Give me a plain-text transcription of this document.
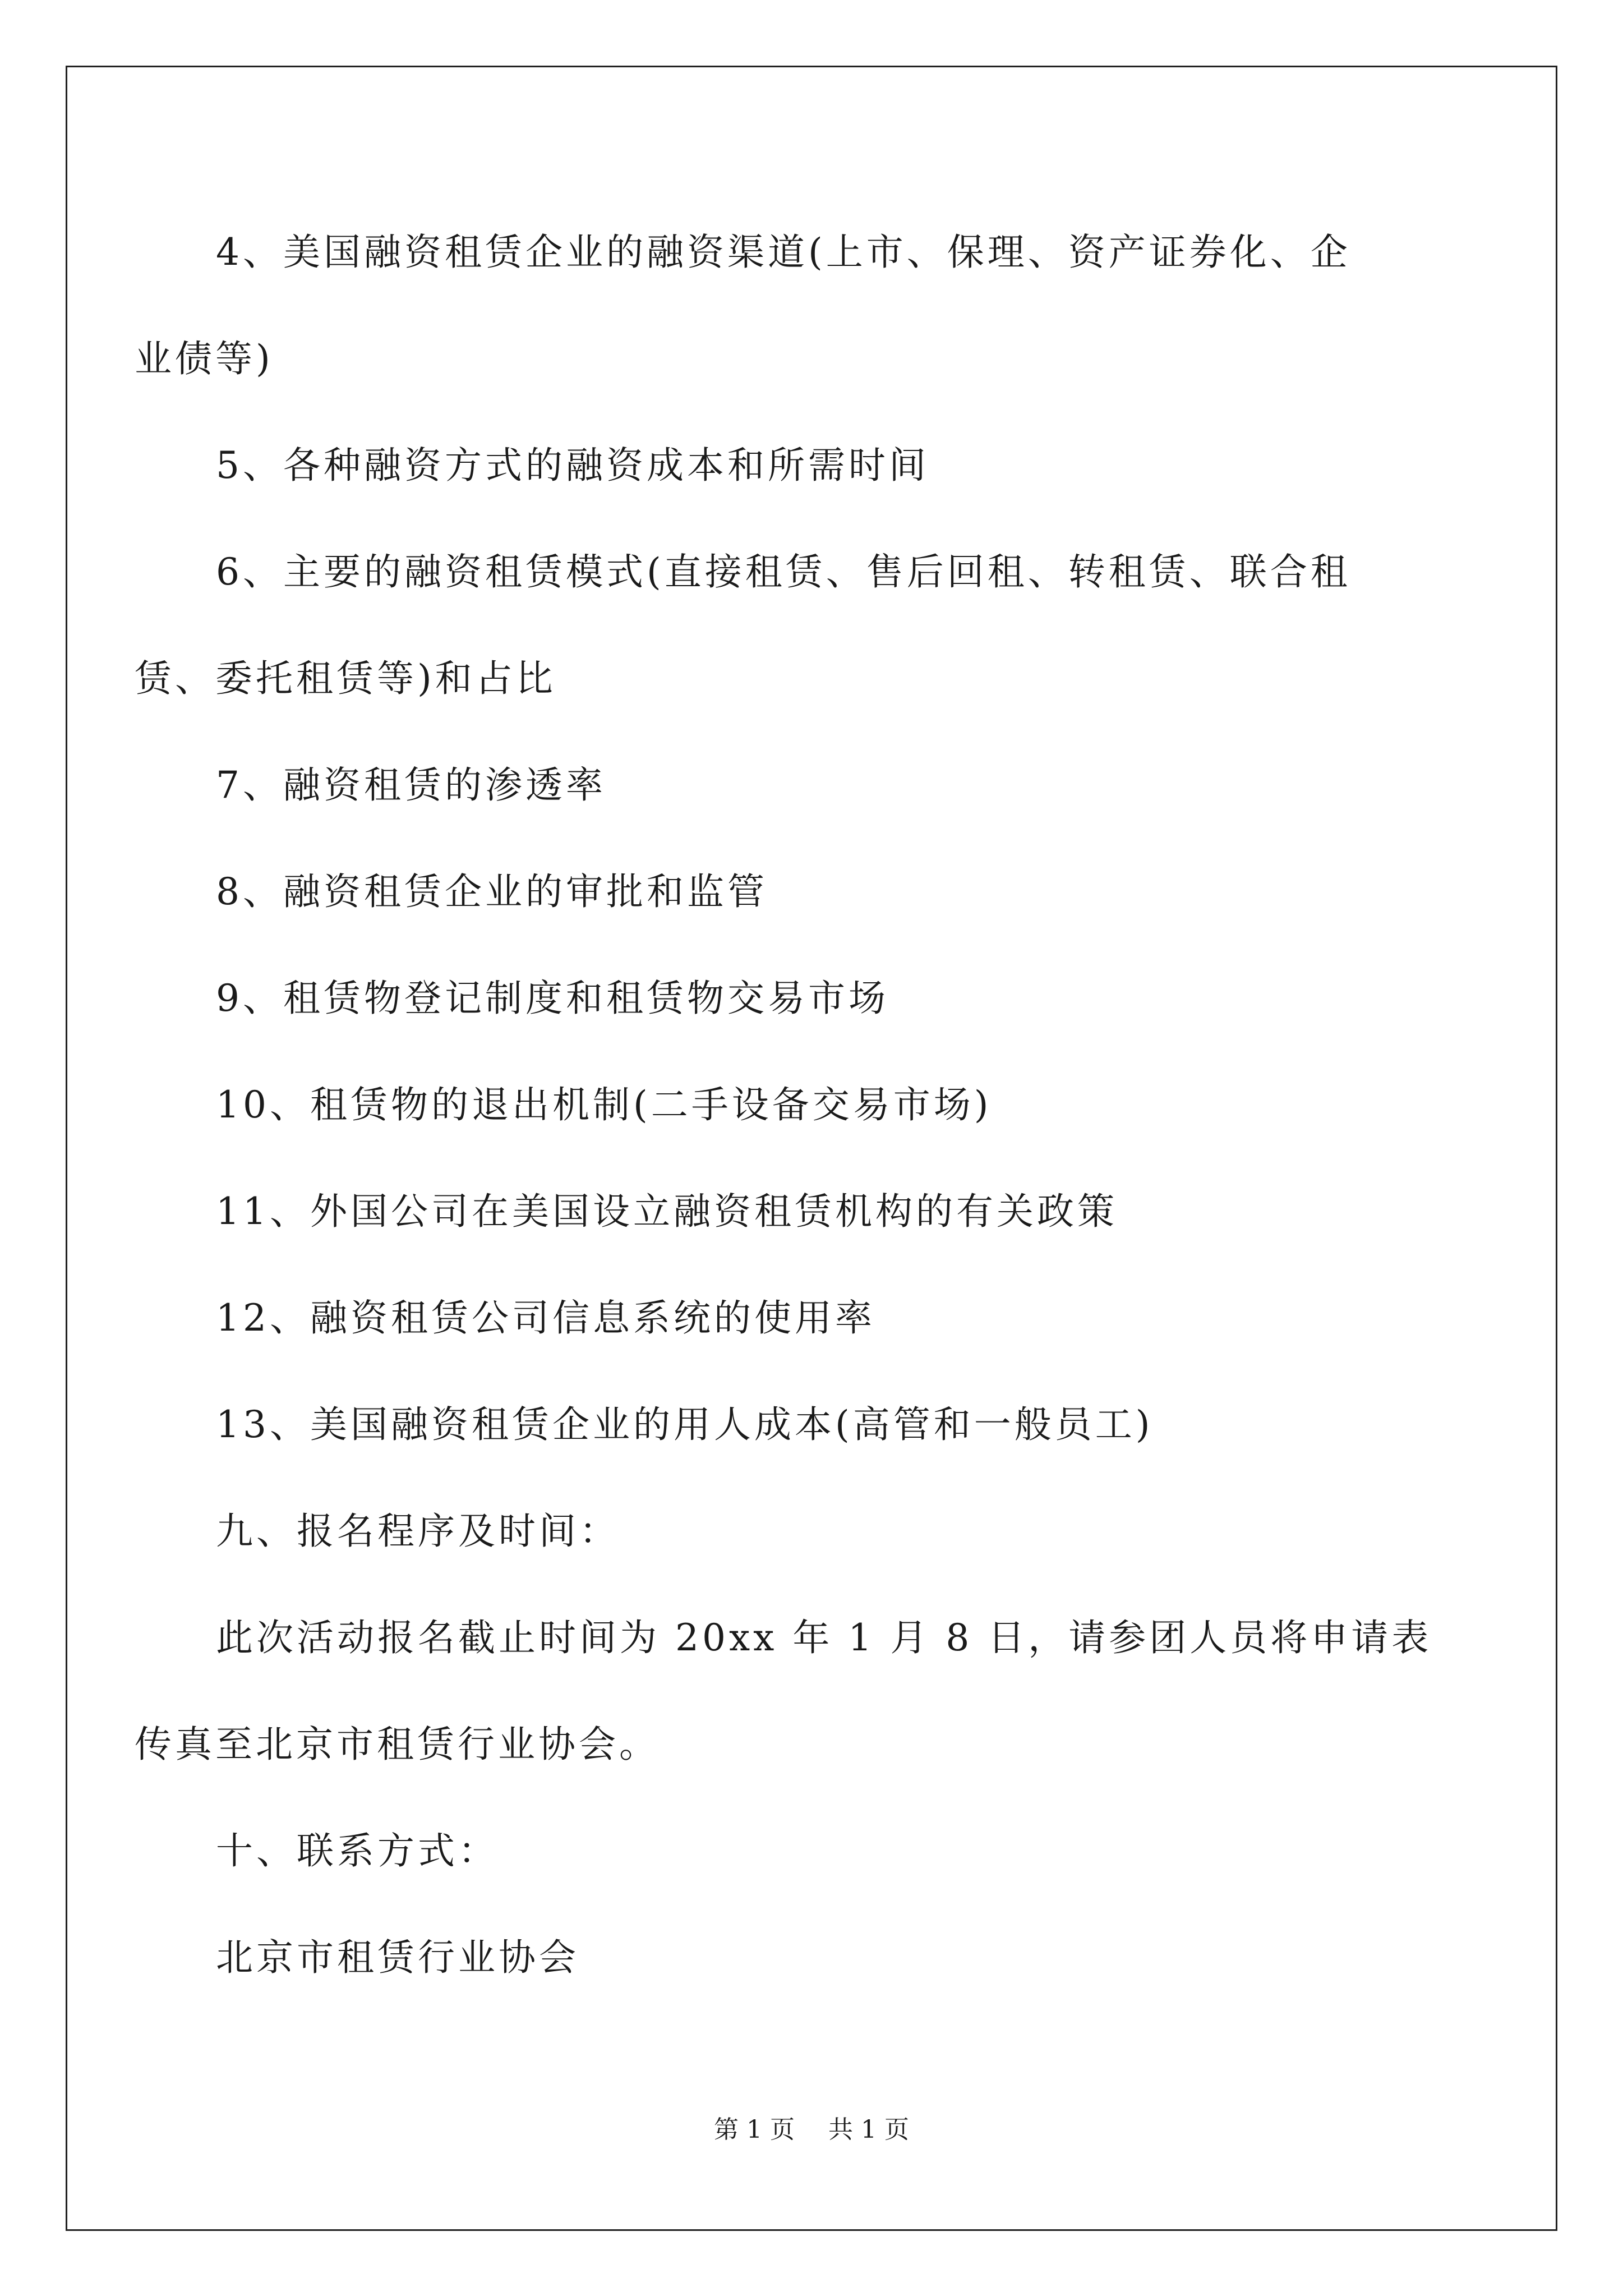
4、美国融资租赁企业的融资渠道(上市、保理、资产证券化、企

业债等)

5、各种融资方式的融资成本和所需时间

6、主要的融资租赁模式(直接租赁、售后回租、转租赁、联合租

赁、委托租赁等)和占比

7、融资租赁的渗透率

8、融资租赁企业的审批和监管

9、租赁物登记制度和租赁物交易市场

10、租赁物的退出机制(二手设备交易市场)

11、外国公司在美国设立融资租赁机构的有关政策

12、融资租赁公司信息系统的使用率

13、美国融资租赁企业的用人成本(高管和一般员工)

九、报名程序及时间：

此次活动报名截止时间为 20xx 年 1 月 8 日，请参团人员将申请表

传真至北京市租赁行业协会。

十、联系方式：

北京市租赁行业协会

第 1 页 共 1 页
